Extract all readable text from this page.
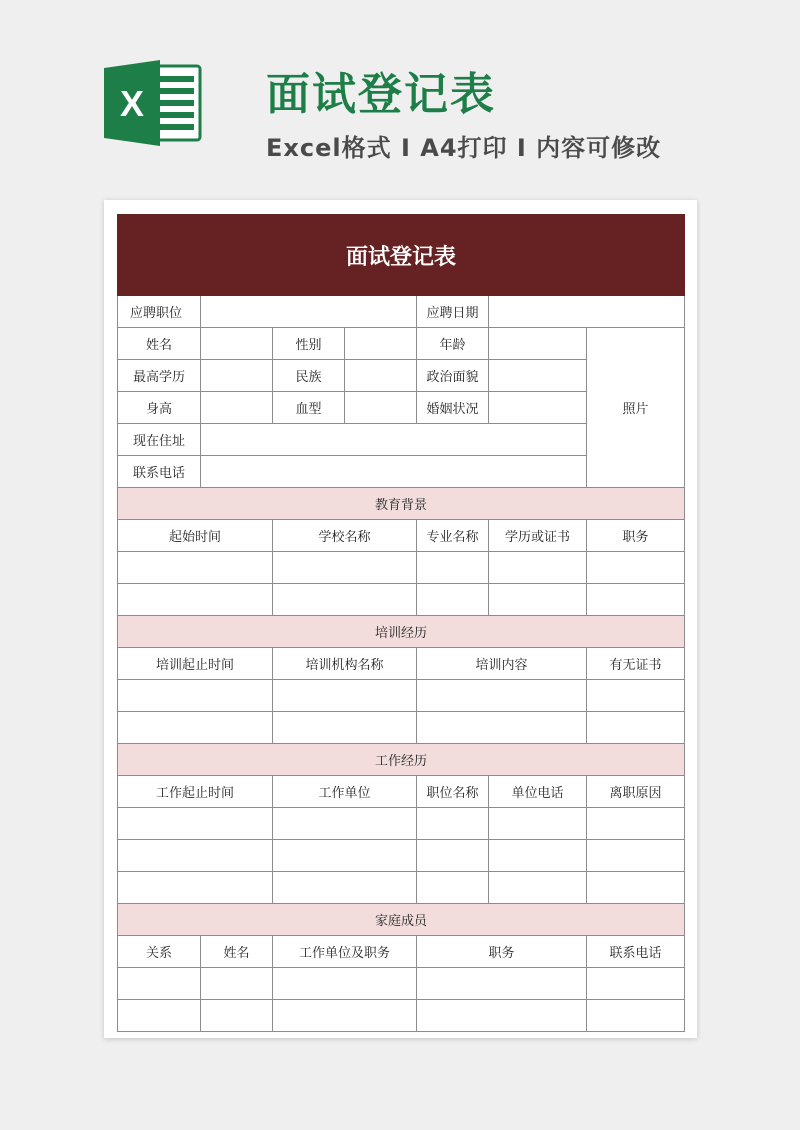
X	面试登记表
Excel格式 I A4打印 I 内容可修改
面试登记表						
应聘职位				应聘日期		
姓名		性别		年龄		照片
最高学历		民族		政治面貌		
身高		血型		婚姻状况		
现在住址						
联系电话						
教育背景						
起始时间		学校名称		专业名称	学历或证书	职务

培训经历						
培训起止时间		培训机构名称		培训内容		有无证书

工作经历						
工作起止时间		工作单位		职位名称	单位电话	离职原因

家庭成员						
关系	姓名	工作单位及职务		职务		联系电话
